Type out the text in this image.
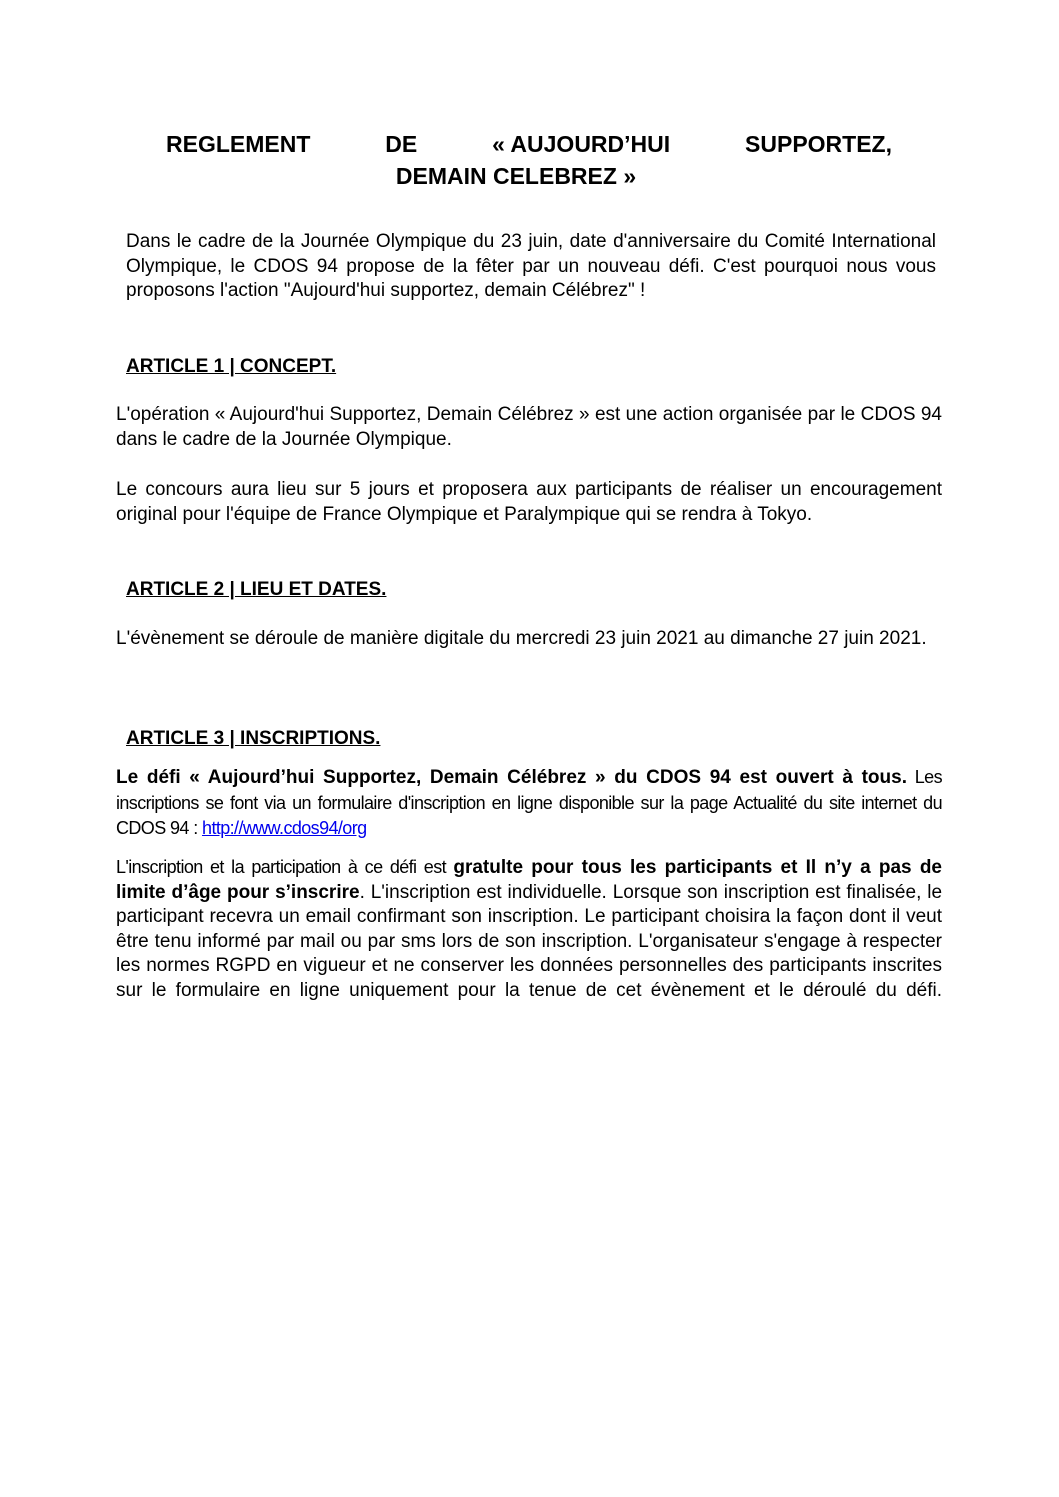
REGLEMENT	DE	« AUJOURD’HUI	SUPPORTEZ,
DEMAIN CELEBREZ »

Dans le cadre de la Journée Olympique du 23 juin, date d'anniversaire du Comité International Olympique, le CDOS 94 propose de la fêter par un nouveau défi. C'est pourquoi nous vous proposons l'action "Aujourd'hui supportez, demain Célébrez" !

ARTICLE 1 | CONCEPT.

L'opération « Aujourd'hui Supportez, Demain Célébrez » est une action organisée par le CDOS 94 dans le cadre de la Journée Olympique.

Le concours aura lieu sur 5 jours et proposera aux participants de réaliser un encouragement original pour l'équipe de France Olympique et Paralympique qui se rendra à Tokyo.

ARTICLE 2 | LIEU ET DATES.

L'évènement se déroule de manière digitale du mercredi 23 juin 2021 au dimanche 27 juin 2021.

ARTICLE 3 | INSCRIPTIONS.

Le défi « Aujourd’hui Supportez, Demain Célébrez » du CDOS 94 est ouvert à tous. Les inscriptions se font via un formulaire d'inscription en ligne disponible sur la page Actualité du site internet du CDOS 94 : http://www.cdos94/org

L'inscription et la participation à ce défi est gratulte pour tous les participants et Il n’y a pas de limite d’âge pour s’inscrire. L'inscription est individuelle. Lorsque son inscription est finalisée, le participant recevra un email confirmant son inscription. Le participant choisira la façon dont il veut être tenu informé par mail ou par sms lors de son inscription. L'organisateur s'engage à respecter les normes RGPD en vigueur et ne conserver les données personnelles des participants inscrites sur le formulaire en ligne uniquement pour la tenue de cet évènement et le déroulé du défi.
